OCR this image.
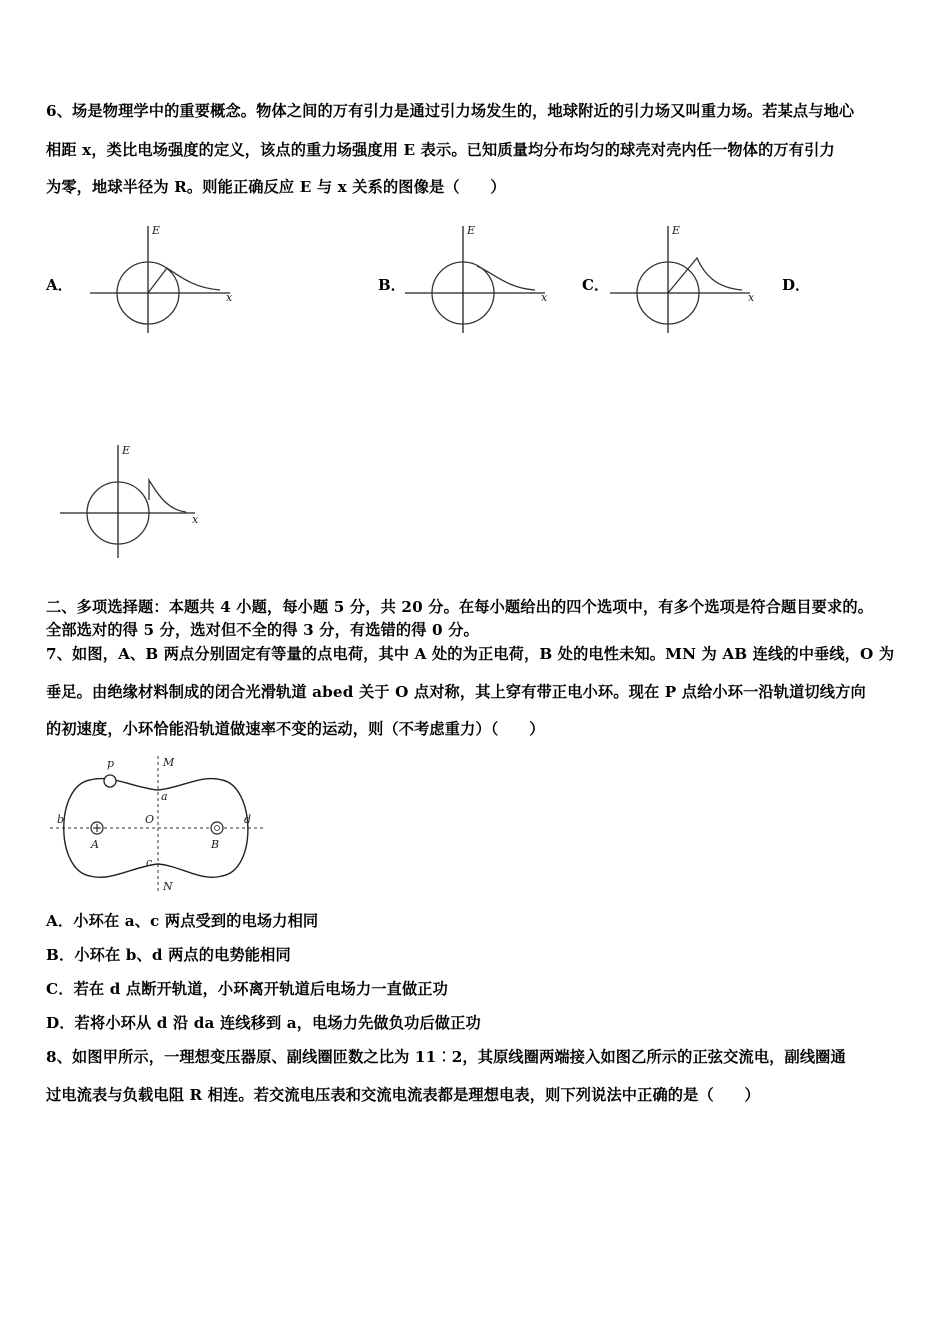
6、场是物理学中的重要概念。物体之间的万有引力是通过引力场发生的，地球附近的引力场又叫重力场。若某点与地心
相距 x，类比电场强度的定义，该点的重力场强度用 E 表示。已知质量均分布均匀的球壳对壳内任一物体的万有引力
为零，地球半径为 R。则能正确反应 E 与 x 关系的图像是（　　）
A．	B．	C．	D．
E
x
E
x
E
x
E
x
二、多项选择题：本题共 4 小题，每小题 5 分，共 20 分。在每小题给出的四个选项中，有多个选项是符合题目要求的。
全部选对的得 5 分，选对但不全的得 3 分，有选错的得 0 分。
7、如图，A、B 两点分别固定有等量的点电荷，其中 A 处的为正电荷，B 处的电性未知。MN 为 AB 连线的中垂线，O 为
垂足。由绝缘材料制成的闭合光滑轨道 abed 关于 O 点对称，其上穿有带正电小环。现在 P 点给小环一沿轨道切线方向
的初速度，小环恰能沿轨道做速率不变的运动，则（不考虑重力）（　　）
p	M
a
O
b	d
A	B
c
N
A．小环在 a、c 两点受到的电场力相同
B．小环在 b、d 两点的电势能相同
C．若在 d 点断开轨道，小环离开轨道后电场力一直做正功
D．若将小环从 d 沿 da 连线移到 a，电场力先做负功后做正功
8、如图甲所示，一理想变压器原、副线圈匝数之比为 11︰2，其原线圈两端接入如图乙所示的正弦交流电，副线圈通
过电流表与负载电阻 R 相连。若交流电压表和交流电流表都是理想电表，则下列说法中正确的是（　　）
